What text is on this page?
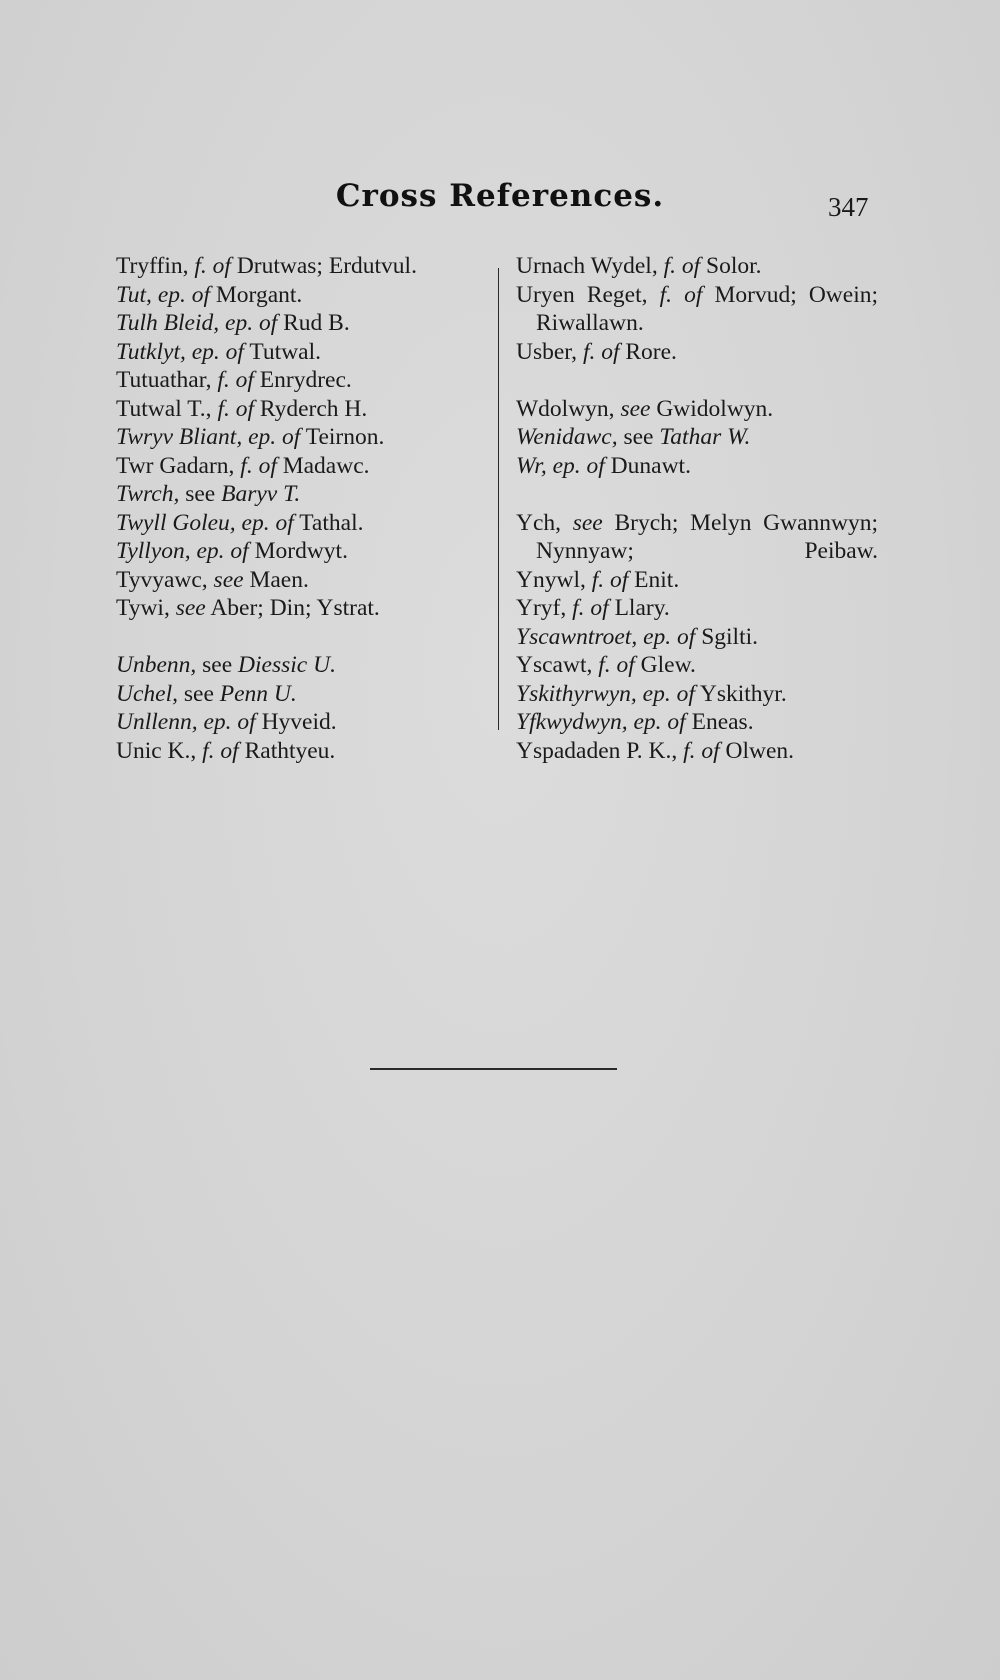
Cross References.	347
Tryffin, f. of Drutwas; Erdutvul.
Tut, ep. of Morgant.
Tulh Bleid, ep. of Rud B.
Tutklyt, ep. of Tutwal.
Tutuathar, f. of Enrydrec.
Tutwal T., f. of Ryderch H.
Twryv Bliant, ep. of Teirnon.
Twr Gadarn, f. of Madawc.
Twrch, see Baryv T.
Twyll Goleu, ep. of Tathal.
Tyllyon, ep. of Mordwyt.
Tyvyawc, see Maen.
Tywi, see Aber; Din; Ystrat.
Unbenn, see Diessic U.
Uchel, see Penn U.
Unllenn, ep. of Hyveid.
Unic K., f. of Rathtyeu.
Urnach Wydel, f. of Solor.
Uryen Reget, f. of Morvud; Owein; Riwallawn.
Usber, f. of Rore.
Wdolwyn, see Gwidolwyn.
Wenidawc, see Tathar W.
Wr, ep. of Dunawt.
Ych, see Brych; Melyn Gwannwyn; Nynnyaw; Peibaw.
Ynywl, f. of Enit.
Yryf, f. of Llary.
Yscawntroet, ep. of Sgilti.
Yscawt, f. of Glew.
Yskithyrwyn, ep. of Yskithyr.
Yfkwydwyn, ep. of Eneas.
Yspadaden P. K., f. of Olwen.
